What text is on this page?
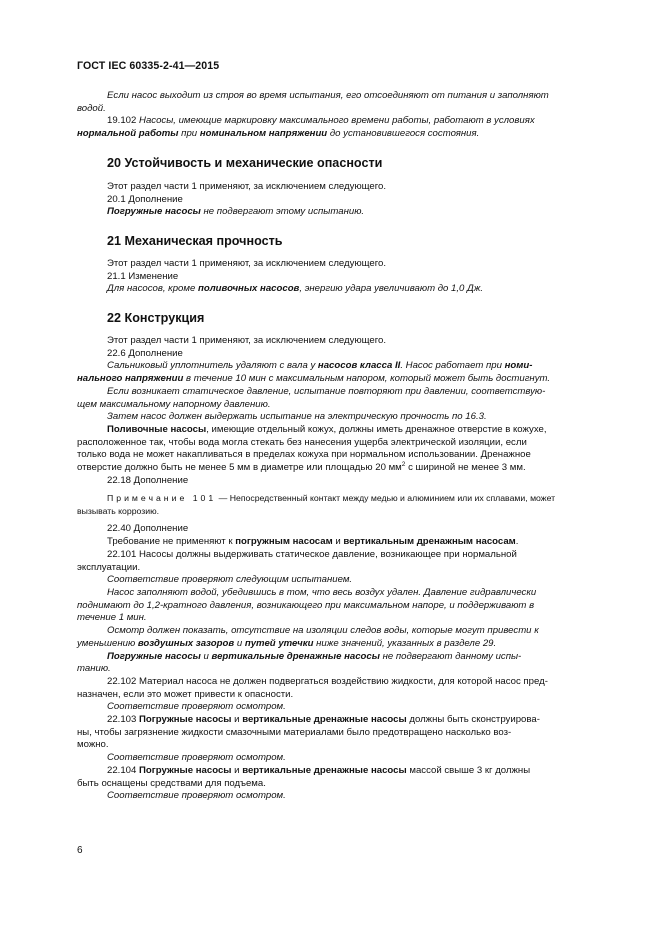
ГОСТ IEC 60335-2-41—2015

Если насос выходит из строя во время испытания, его отсоединяют от питания и заполняют

водой.

19.102 Насосы, имеющие маркировку максимального времени работы, работают в условиях

нормальной работы при номинальном напряжении до установившегося состояния.

20 Устойчивость и механические опасности

Этот раздел части 1 применяют, за исключением следующего.

20.1 Дополнение

Погружные насосы не подвергают этому испытанию.

21 Механическая прочность

Этот раздел части 1 применяют, за исключением следующего.

21.1 Изменение

Для насосов, кроме поливочных насосов, энергию удара увеличивают до 1,0 Дж.

22 Конструкция

Этот раздел части 1 применяют, за исключением следующего.

22.6 Дополнение

Сальниковый уплотнитель удаляют с вала у насосов класса II. Насос работает при номи-

нального напряжении в течение 10 мин с максимальным напором, который может быть достигнут.

Если возникает статическое давление, испытание повторяют при давлении, соответствую-

щем максимальному напорному давлению.

Затем насос должен выдержать испытание на электрическую прочность по 16.3.

Поливочные насосы, имеющие отдельный кожух, должны иметь дренажное отверстие в кожухе,

расположенное так, чтобы вода могла стекать без нанесения ущерба электрической изоляции, если

только вода не может накапливаться в пределах кожуха при нормальном использовании. Дренажное

отверстие должно быть не менее 5 мм в диаметре или площадью 20 $мм^2$ с шириной не менее 3 мм.

22.18 Дополнение

Примечание 101 — Непосредственный контакт между медью и алюминием или их сплавами, может

вызывать коррозию.

22.40 Дополнение

Требование не применяют к погружным насосам и вертикальным дренажным насосам.

22.101 Насосы должны выдерживать статическое давление, возникающее при нормальной

эксплуатации.

Соответствие проверяют следующим испытанием.

Насос заполняют водой, убедившись в том, что весь воздух удален. Давление гидравлически

поднимают до 1,2-кратного давления, возникающего при максимальном напоре, и поддерживают в

течение 1 мин.

Осмотр должен показать, отсутствие на изоляции следов воды, которые могут привести к

уменьшению воздушных зазоров и путей утечки ниже значений, указанных в разделе 29.

Погружные насосы и вертикальные дренажные насосы не подвергают данному испы-

танию.

22.102 Материал насоса не должен подвергаться воздействию жидкости, для которой насос пред-

назначен, если это может привести к опасности.

Соответствие проверяют осмотром.

22.103 Погружные насосы и вертикальные дренажные насосы должны быть сконструирова-

ны, чтобы загрязнение жидкости смазочными материалами было предотвращено насколько воз-

можно.

Соответствие проверяют осмотром.

22.104 Погружные насосы и вертикальные дренажные насосы массой свыше 3 кг должны

быть оснащены средствами для подъема.

Соответствие проверяют осмотром.

6
